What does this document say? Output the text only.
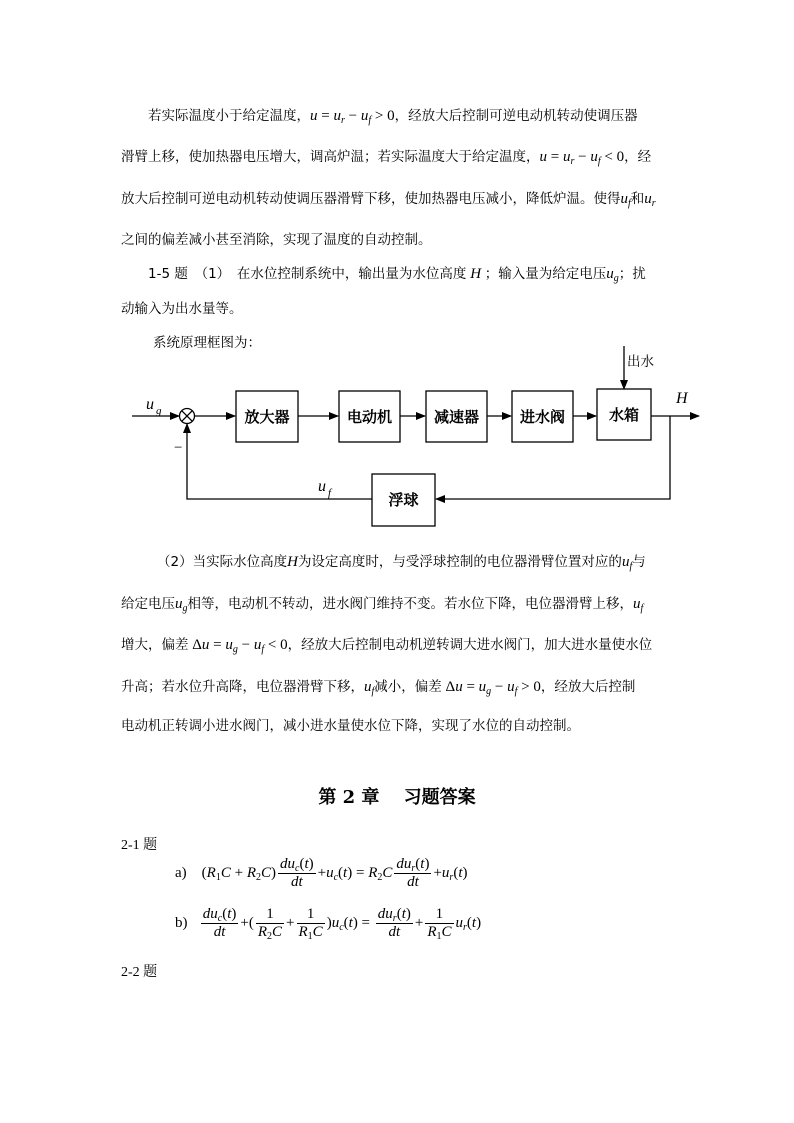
若实际温度小于给定温度，$u = u_r - u_f > 0$，经放大后控制可逆电动机转动使调压器
滑臂上移，使加热器电压增大，调高炉温；若实际温度大于给定温度，$u = u_r - u_f < 0$，经
放大后控制可逆电动机转动使调压器滑臂下移，使加热器电压减小，降低炉温。使得$u_f$和$u_r$
之间的偏差减小甚至消除，实现了温度的自动控制。
1-5 题　（1）　在水位控制系统中，输出量为水位高度 H ；输入量为给定电压$u_g$；扰
动输入为出水量等。
系统原理框图为：
放大器	电动机	减速器	进水阀	水箱
浮球
出水
H
u g
−
u f
（2）当实际水位高度H为设定高度时，与受浮球控制的电位器滑臂位置对应的$u_f$与
给定电压$u_g$相等，电动机不转动，进水阀门维持不变。若水位下降，电位器滑臂上移，$u_f$
增大，偏差 $\Delta u = u_g - u_f < 0$，经放大后控制电动机逆转调大进水阀门，加大进水量使水位
升高；若水位升高降，电位器滑臂下移，$u_f$减小，偏差 $\Delta u = u_g - u_f > 0$，经放大后控制
电动机正转调小进水阀门，减小进水量使水位下降，实现了水位的自动控制。
第 2 章　 习题答案
2-1 题
a)    $(R_1C + R_2C) \frac{du_c(t)}{dt} +u_c(t) = R_2C \frac{du_r(t)}{dt} +u_r(t)$
$b) \frac{du_c(t)}{dt}$ +( $\frac{1}{R_2C} + \frac{1}{R_1C} )u_c(t) = \frac{du_r(t)}{dt} + \frac{1}{R_1C} u_r(t)$
2-2 题
